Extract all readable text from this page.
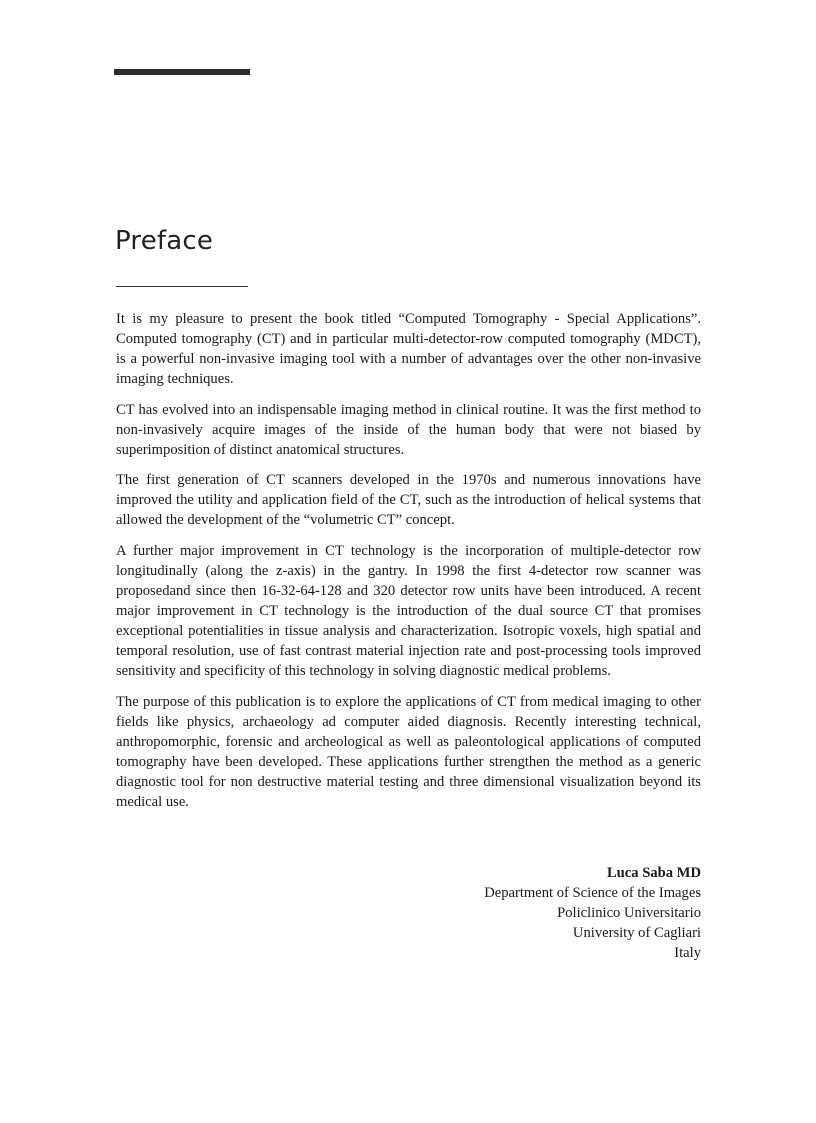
Preface

It is my pleasure to present the book titled “Computed Tomography - Special Applications”. Computed tomography (CT) and in particular multi-detector-row computed tomography (MDCT), is a powerful non-invasive imaging tool with a number of advantages over the other non-invasive imaging techniques.

CT has evolved into an indispensable imaging method in clinical routine. It was the first method to non-invasively acquire images of the inside of the human body that were not biased by superimposition of distinct anatomical structures.

The first generation of CT scanners developed in the 1970s and numerous innovations have improved the utility and application field of the CT, such as the introduction of helical systems that allowed the development of the “volumetric CT” concept.

A further major improvement in CT technology is the incorporation of multiple-detector row longitudinally (along the z-axis) in the gantry. In 1998 the first 4-detector row scanner was proposedand since then 16-32-64-128 and 320 detector row units have been introduced. A recent major improvement in CT technology is the introduction of the dual source CT that promises exceptional potentialities in tissue analysis and characterization. Isotropic voxels, high spatial and temporal resolution, use of fast contrast material injection rate and post-processing tools improved sensitivity and specificity of this technology in solving diagnostic medical problems.

The purpose of this publication is to explore the applications of CT from medical imaging to other fields like physics, archaeology ad computer aided diagnosis. Recently interesting technical, anthropomorphic, forensic and archeological as well as paleontological applications of computed tomography have been developed. These applications further strengthen the method as a generic diagnostic tool for non destructive material testing and three dimensional visualization beyond its medical use.

Luca Saba MD
Department of Science of the Images
Policlinico Universitario
University of Cagliari
Italy
